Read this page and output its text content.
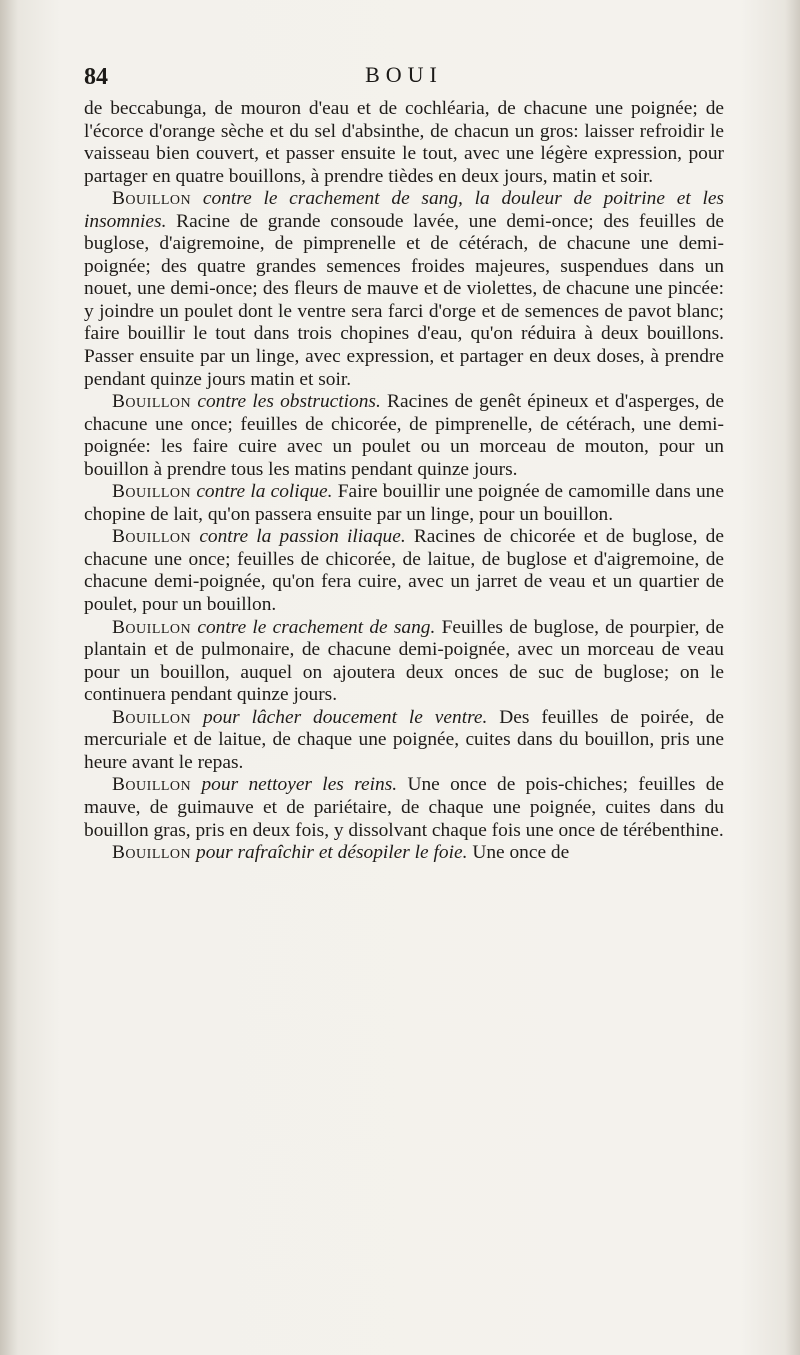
84	BOUI

de beccabunga, de mouron d'eau et de cochléaria, de chacune une poignée; de l'écorce d'orange sèche et du sel d'absinthe, de chacun un gros: laisser refroidir le vaisseau bien couvert, et passer ensuite le tout, avec une légère expression, pour partager en quatre bouillons, à prendre tièdes en deux jours, matin et soir.

Bouillon contre le crachement de sang, la douleur de poitrine et les insomnies. Racine de grande consoude lavée, une demi-once; des feuilles de buglose, d'aigremoine, de pimprenelle et de cétérach, de chacune une demi-poignée; des quatre grandes semences froides majeures, suspendues dans un nouet, une demi-once; des fleurs de mauve et de violettes, de chacune une pincée: y joindre un poulet dont le ventre sera farci d'orge et de semences de pavot blanc; faire bouillir le tout dans trois chopines d'eau, qu'on réduira à deux bouillons. Passer ensuite par un linge, avec expression, et partager en deux doses, à prendre pendant quinze jours matin et soir.

Bouillon contre les obstructions. Racines de genêt épineux et d'asperges, de chacune une once; feuilles de chicorée, de pimprenelle, de cétérach, une demi-poignée: les faire cuire avec un poulet ou un morceau de mouton, pour un bouillon à prendre tous les matins pendant quinze jours.

Bouillon contre la colique. Faire bouillir une poignée de camomille dans une chopine de lait, qu'on passera ensuite par un linge, pour un bouillon.

Bouillon contre la passion iliaque. Racines de chicorée et de buglose, de chacune une once; feuilles de chicorée, de laitue, de buglose et d'aigremoine, de chacune demi-poignée, qu'on fera cuire, avec un jarret de veau et un quartier de poulet, pour un bouillon.

Bouillon contre le crachement de sang. Feuilles de buglose, de pourpier, de plantain et de pulmonaire, de chacune demi-poignée, avec un morceau de veau pour un bouillon, auquel on ajoutera deux onces de suc de buglose; on le continuera pendant quinze jours.

Bouillon pour lâcher doucement le ventre. Des feuilles de poirée, de mercuriale et de laitue, de chaque une poignée, cuites dans du bouillon, pris une heure avant le repas.

Bouillon pour nettoyer les reins. Une once de pois-chiches; feuilles de mauve, de guimauve et de pariétaire, de chaque une poignée, cuites dans du bouillon gras, pris en deux fois, y dissolvant chaque fois une once de térébenthine.

Bouillon pour rafraîchir et désopiler le foie. Une once de
